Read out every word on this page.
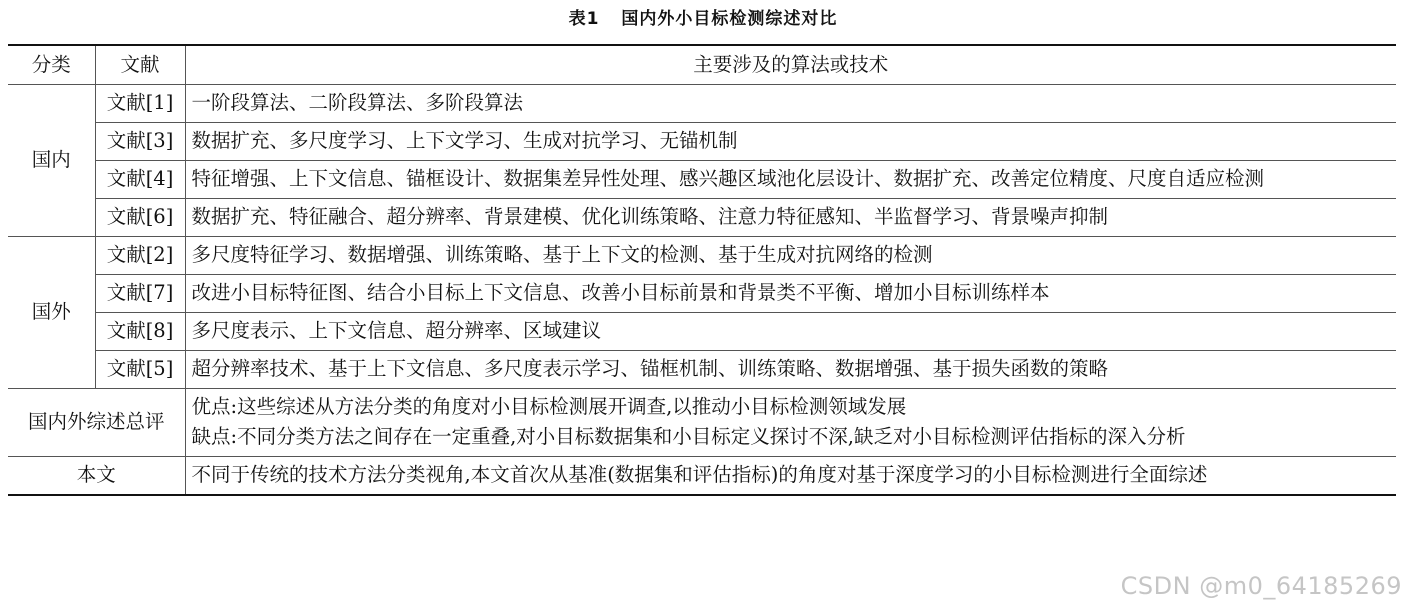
表1 国内外小目标检测综述对比
分类	文献	主要涉及的算法或技术
国内	文献[1]	一阶段算法、二阶段算法、多阶段算法
	文献[3]	数据扩充、多尺度学习、上下文学习、生成对抗学习、无锚机制
	文献[4]	特征增强、上下文信息、锚框设计、数据集差异性处理、感兴趣区域池化层设计、数据扩充、改善定位精度、尺度自适应检测
	文献[6]	数据扩充、特征融合、超分辨率、背景建模、优化训练策略、注意力特征感知、半监督学习、背景噪声抑制
国外	文献[2]	多尺度特征学习、数据增强、训练策略、基于上下文的检测、基于生成对抗网络的检测
	文献[7]	改进小目标特征图、结合小目标上下文信息、改善小目标前景和背景类不平衡、增加小目标训练样本
	文献[8]	多尺度表示、上下文信息、超分辨率、区域建议
	文献[5]	超分辨率技术、基于上下文信息、多尺度表示学习、锚框机制、训练策略、数据增强、基于损失函数的策略
国内外综述总评		优点:这些综述从方法分类的角度对小目标检测展开调查,以推动小目标检测领域发展
缺点:不同分类方法之间存在一定重叠,对小目标数据集和小目标定义探讨不深,缺乏对小目标检测评估指标的深入分析

本文		不同于传统的技术方法分类视角,本文首次从基准(数据集和评估指标)的角度对基于深度学习的小目标检测进行全面综述
CSDN @m0_64185269
